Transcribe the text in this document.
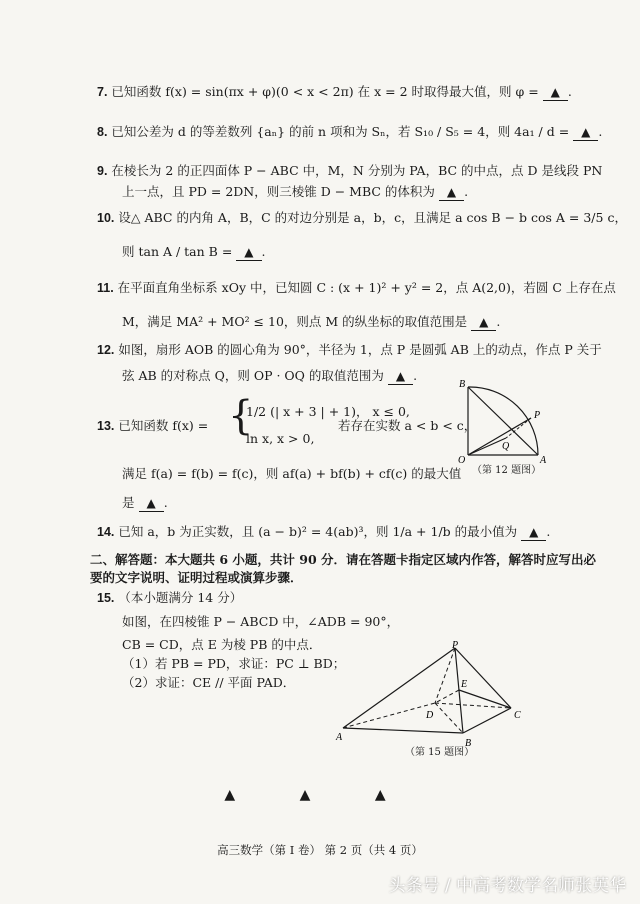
7. 已知函数 f(x) = sin(πx + φ)(0 < x < 2π) 在 x = 2 时取得最大值，则 φ = ▲ .
8. 已知公差为 d 的等差数列 {aₙ} 的前 n 项和为 Sₙ，若 S₁₀ / S₅ = 4，则 4a₁ / d = ▲ .
9. 在棱长为 2 的正四面体 P − ABC 中，M，N 分别为 PA，BC 的中点，点 D 是线段 PN
上一点，且 PD = 2DN，则三棱锥 D − MBC 的体积为 ▲ .
10. 设△ ABC 的内角 A，B，C 的对边分别是 a，b，c，且满足 a cos B − b cos A = 3/5 c，
则 tan A / tan B = ▲ .
11. 在平面直角坐标系 xOy 中，已知圆 C : (x + 1)² + y² = 2，点 A(2,0)，若圆 C 上存在点
M，满足 MA² + MO² ≤ 10，则点 M 的纵坐标的取值范围是 ▲ .
12. 如图，扇形 AOB 的圆心角为 90°，半径为 1，点 P 是圆弧 AB 上的动点，作点 P 关于
弦 AB 的对称点 Q，则 OP · OQ 的取值范围为 ▲ .
B
P
Q
O	A
（第 12 题图）
13. 已知函数 f(x) = {
1/2 (| x + 3 | + 1)， x ≤ 0,
ln x, x > 0,
若存在实数 a < b < c，
满足 f(a) = f(b) = f(c)，则 af(a) + bf(b) + cf(c) 的最大值
是 ▲ .
14. 已知 a，b 为正实数，且 (a − b)² = 4(ab)³，则 1/a + 1/b 的最小值为 ▲ .
二、解答题：本大题共 6 小题，共计 90 分．请在答题卡指定区域内作答，解答时应写出必
要的文字说明、证明过程或演算步骤．
15. （本小题满分 14 分）
如图，在四棱锥 P − ABCD 中，∠ADB = 90°，
CB = CD，点 E 为棱 PB 的中点．
（1）若 PB = PD，求证：PC ⊥ BD；
（2）求证：CE // 平面 PAD．
P
E
D	C
A
B
（第 15 题图）
▲ ▲ ▲
高三数学（第 I 卷） 第 2 页（共 4 页）
头条号 / 中高考数学名师张英华
